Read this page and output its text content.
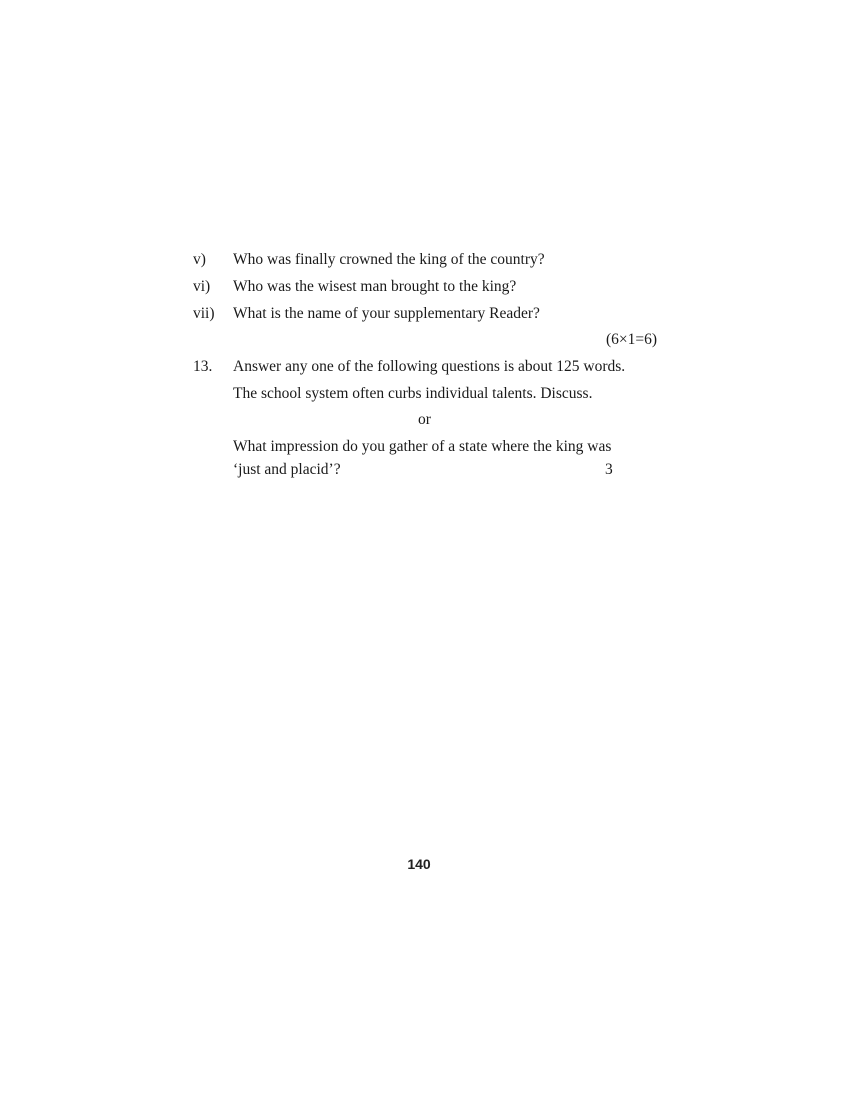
v) Who was finally crowned the king of the country?
vi) Who was the wisest man brought to the king?
vii) What is the name of your supplementary Reader?
(6×1=6)
13. Answer any one of the following questions is about 125 words.
The school system often curbs individual talents. Discuss.
or
What impression do you gather of a state where the king was
‘just and placid’?	3
140
